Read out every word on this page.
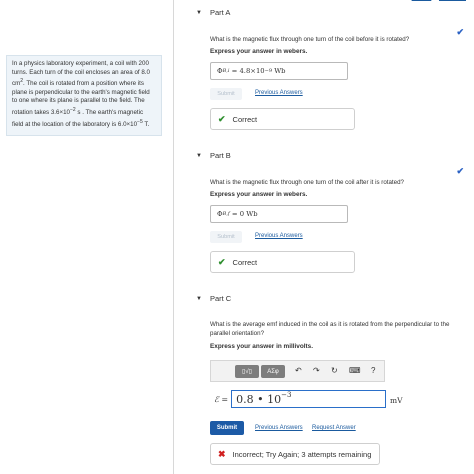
In a physics laboratory experiment, a coil with 200 turns. Each turn of the coil encloses an area of 8.0 $cm^2$. The coil is rotated from a position where its plane is perpendicular to the earth's magnetic field to one where its plane is parallel to the field. The rotation takes $3.6\times 10^{-2}$ s . The earth's magnetic field at the location of the laboratory is $6.0\times 10^{-5}$ T.
▼ Part A
✔
What is the magnetic flux through one turn of the coil before it is rotated?
Express your answer in webers.
Φ B,i
= 4.8×10 −9
Wb
Submit	Previous Answers
✔ Correct
▼ Part B
✔
What is the magnetic flux through one turn of the coil after it is rotated?
Express your answer in webers.
Φ B,f
= 0
Wb
Submit	Previous Answers
✔ Correct
▼ Part C
What is the average emf induced in the coil as it is rotated from the perpendicular to the parallel orientation?
Express your answer in millivolts.
▯√▯	ΑΣφ	↶ ↷ ↻ ⌨ ?
ℰ = 0.8 • $10^{-3}$
mV
Submit	Previous Answers Request Answer
✖ Incorrect; Try Again; 3 attempts remaining
